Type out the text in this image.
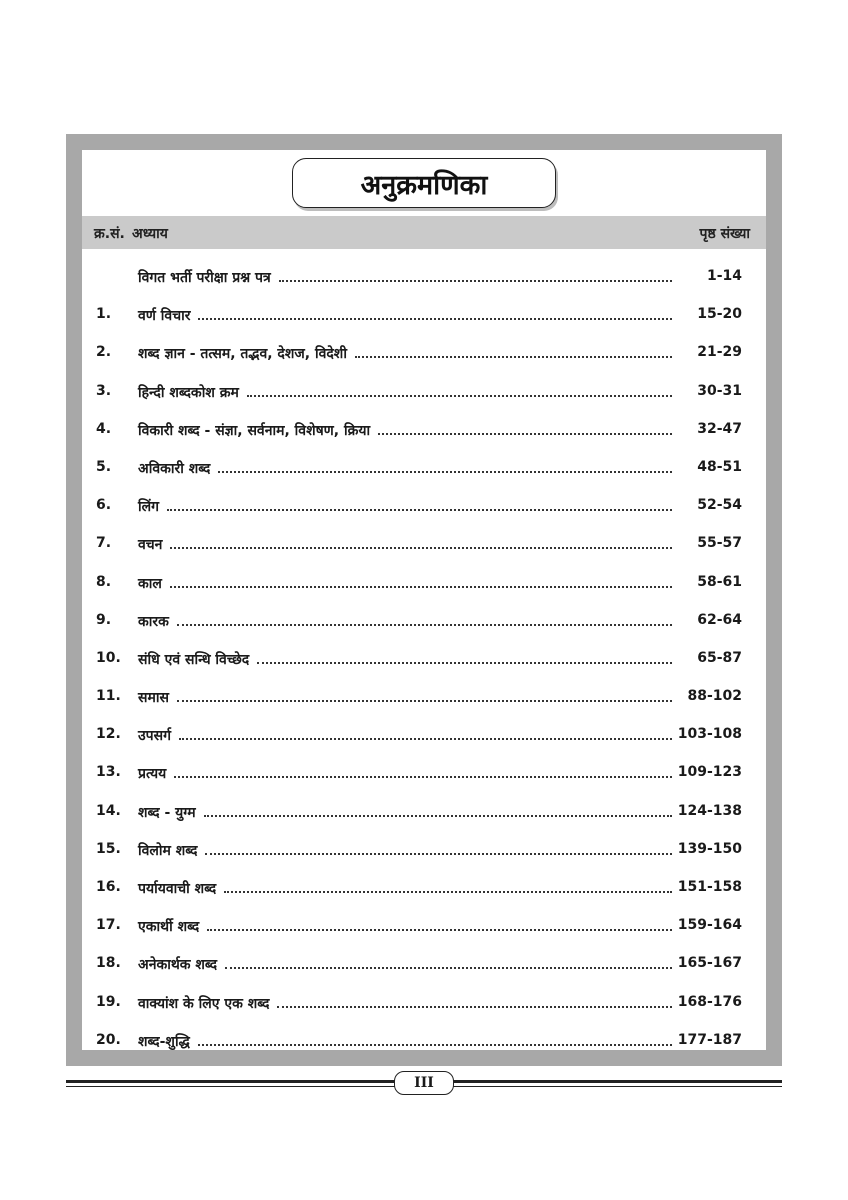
अनुक्रमणिका
क्र.सं. अध्याय	पृष्ठ संख्या
विगत भर्ती परीक्षा प्रश्न पत्र	1-14
1. वर्ण विचार	15-20
2. शब्द ज्ञान - तत्सम, तद्भव, देशज, विदेशी	21-29
3. हिन्दी शब्दकोश क्रम	30-31
4. विकारी शब्द - संज्ञा, सर्वनाम, विशेषण, क्रिया	32-47
5. अविकारी शब्द	48-51
6. लिंग	52-54
7. वचन	55-57
8. काल	58-61
9. कारक	62-64
10. संधि एवं सन्धि विच्छेद	65-87
11. समास	88-102
12. उपसर्ग	103-108
13. प्रत्यय	109-123
14. शब्द - युग्म	124-138
15. विलोम शब्द	139-150
16. पर्यायवाची शब्द	151-158
17. एकार्थी शब्द	159-164
18. अनेकार्थक शब्द	165-167
19. वाक्यांश के लिए एक शब्द	168-176
20. शब्द-शुद्धि	177-187
III
